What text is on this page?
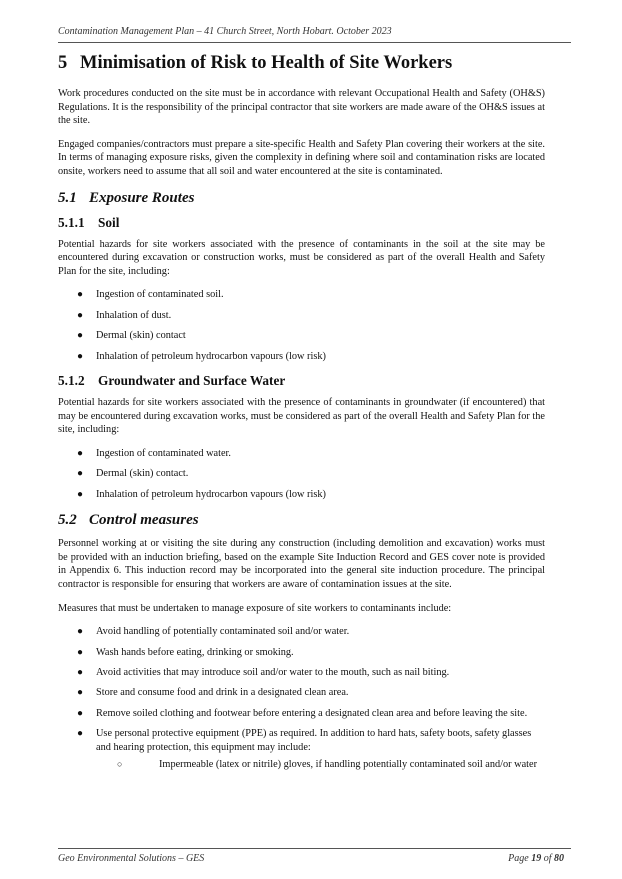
Contamination Management Plan – 41 Church Street, North Hobart. October 2023
5 Minimisation of Risk to Health of Site Workers

Work procedures conducted on the site must be in accordance with relevant Occupational Health and Safety (OH&S) Regulations. It is the responsibility of the principal contractor that site workers are made aware of the OH&S issues at the site.

Engaged companies/contractors must prepare a site-specific Health and Safety Plan covering their workers at the site. In terms of managing exposure risks, given the complexity in defining where soil and contamination risks are located onsite, workers need to assume that all soil and water encountered at the site is contaminated.

5.1 Exposure Routes
5.1.1 Soil

Potential hazards for site workers associated with the presence of contaminants in the soil at the site may be encountered during excavation or construction works, must be considered as part of the overall Health and Safety Plan for the site, including:

● Ingestion of contaminated soil.
● Inhalation of dust.
● Dermal (skin) contact
● Inhalation of petroleum hydrocarbon vapours (low risk)
5.1.2 Groundwater and Surface Water

Potential hazards for site workers associated with the presence of contaminants in groundwater (if encountered) that may be encountered during excavation works, must be considered as part of the overall Health and Safety Plan for the site, including:

● Ingestion of contaminated water.
● Dermal (skin) contact.
● Inhalation of petroleum hydrocarbon vapours (low risk)
5.2 Control measures

Personnel working at or visiting the site during any construction (including demolition and excavation) works must be provided with an induction briefing, based on the example Site Induction Record and GES cover note is provided in Appendix 6. This induction record may be incorporated into the general site induction procedure. The principal contractor is responsible for ensuring that workers are aware of contamination issues at the site.

Measures that must be undertaken to manage exposure of site workers to contaminants include:

● Avoid handling of potentially contaminated soil and/or water.
● Wash hands before eating, drinking or smoking.
● Avoid activities that may introduce soil and/or water to the mouth, such as nail biting.
● Store and consume food and drink in a designated clean area.
● Remove soiled clothing and footwear before entering a designated clean area and before leaving the site.
● Use personal protective equipment (PPE) as required. In addition to hard hats, safety boots, safety glasses and hearing protection, this equipment may include:
○	Impermeable (latex or nitrile) gloves, if handling potentially contaminated soil and/or water
Geo Environmental Solutions – GES	Page 19 of 80
